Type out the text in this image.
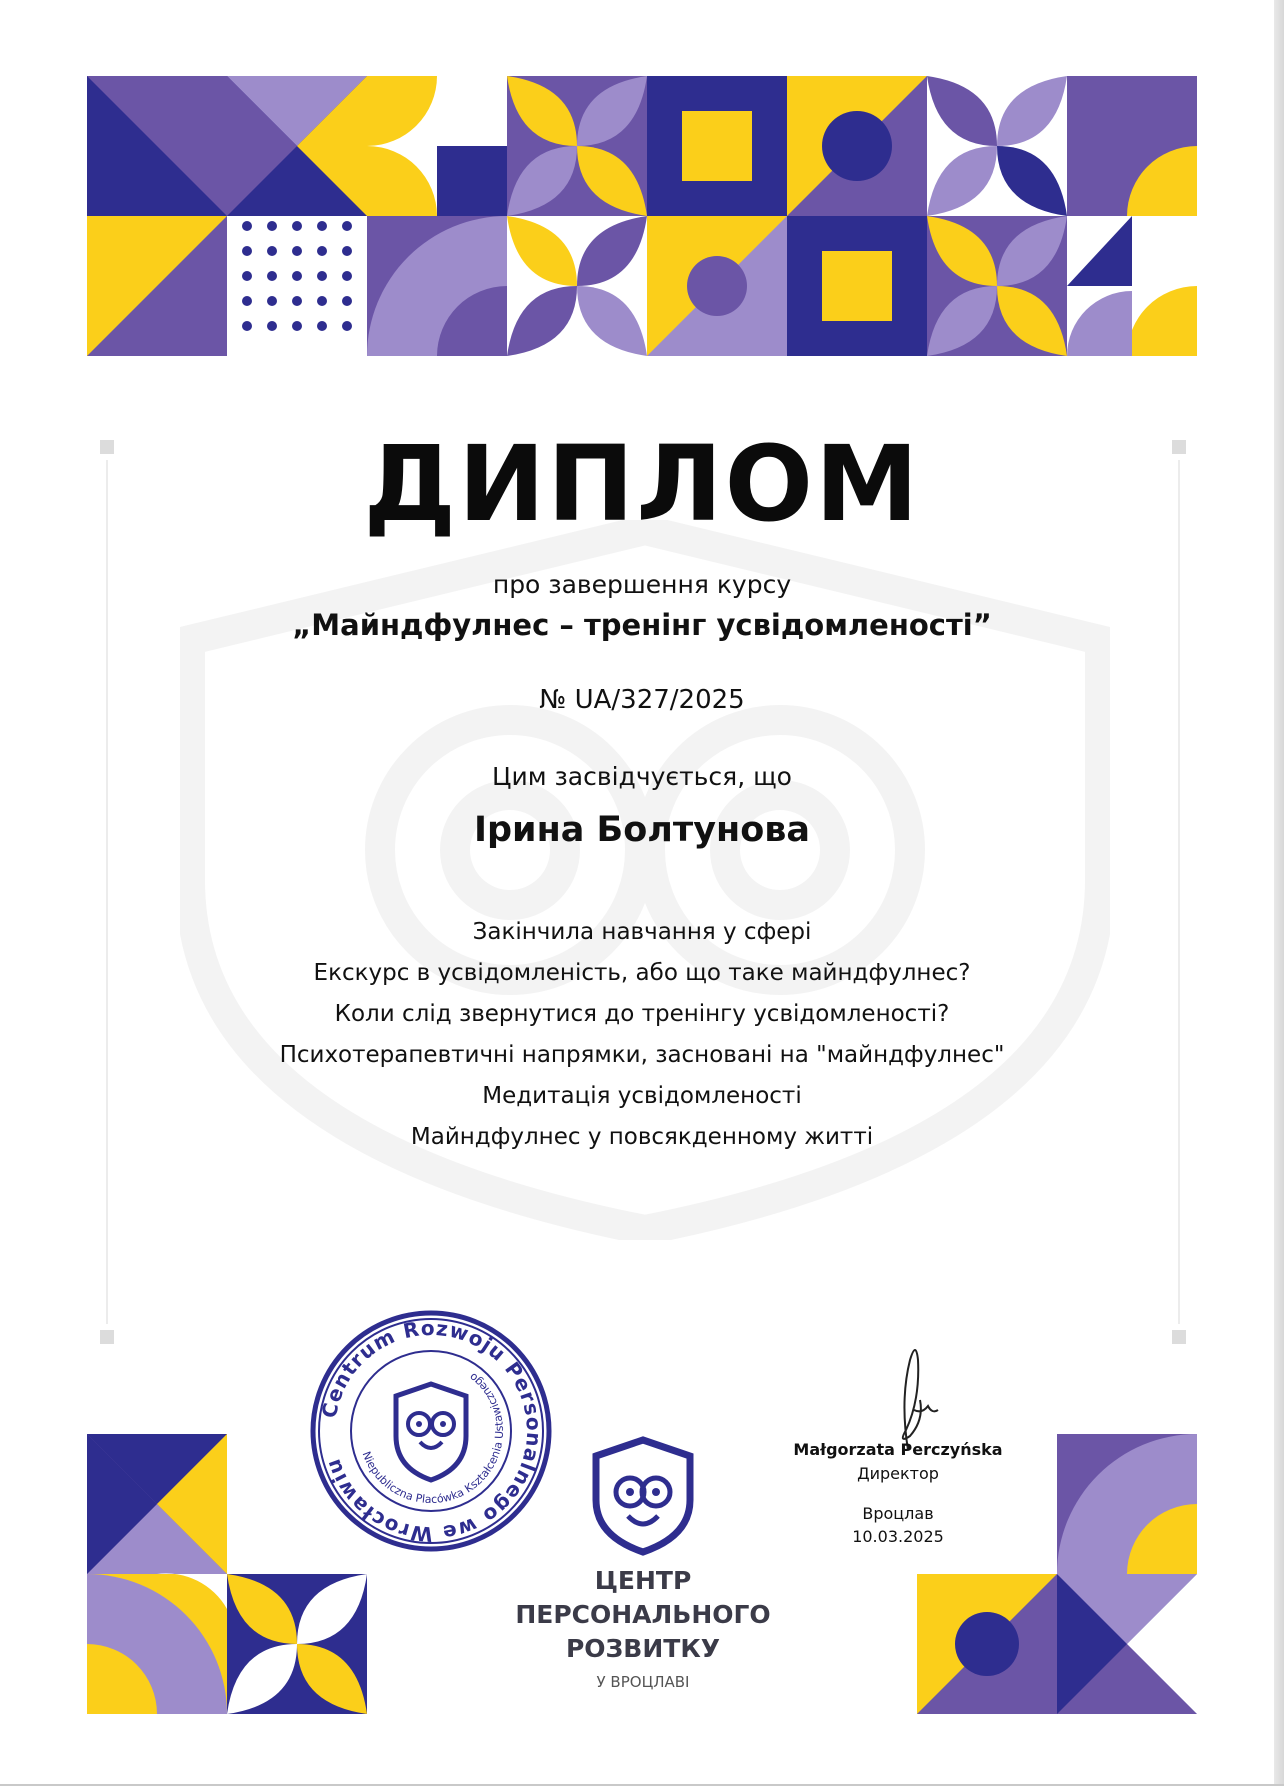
ДИПЛОМ
про завершення курсу
„Майндфулнес – тренінг усвідомленості”
№ UA/327/2025
Цим засвідчується, що
Ірина Болтунова
Закінчила навчання у сфері
Екскурс в усвідомленість, або що таке майндфулнес?
Коли слід звернутися до тренінгу усвідомленості?
Психотерапевтичні напрямки, засновані на "майндфулнес"
Медитація усвідомленості
Майндфулнес у повсякденному житті
Centrum Rozwoju Personalnego we Wrocławiu	Niepubliczna Placówka Kształcenia Ustawicznego
ЦЕНТР
ПЕРСОНАЛЬНОГО
РОЗВИТКУ
У ВРОЦЛАВІ
Małgorzata Perczyńska
Директор
Вроцлав
10.03.2025
